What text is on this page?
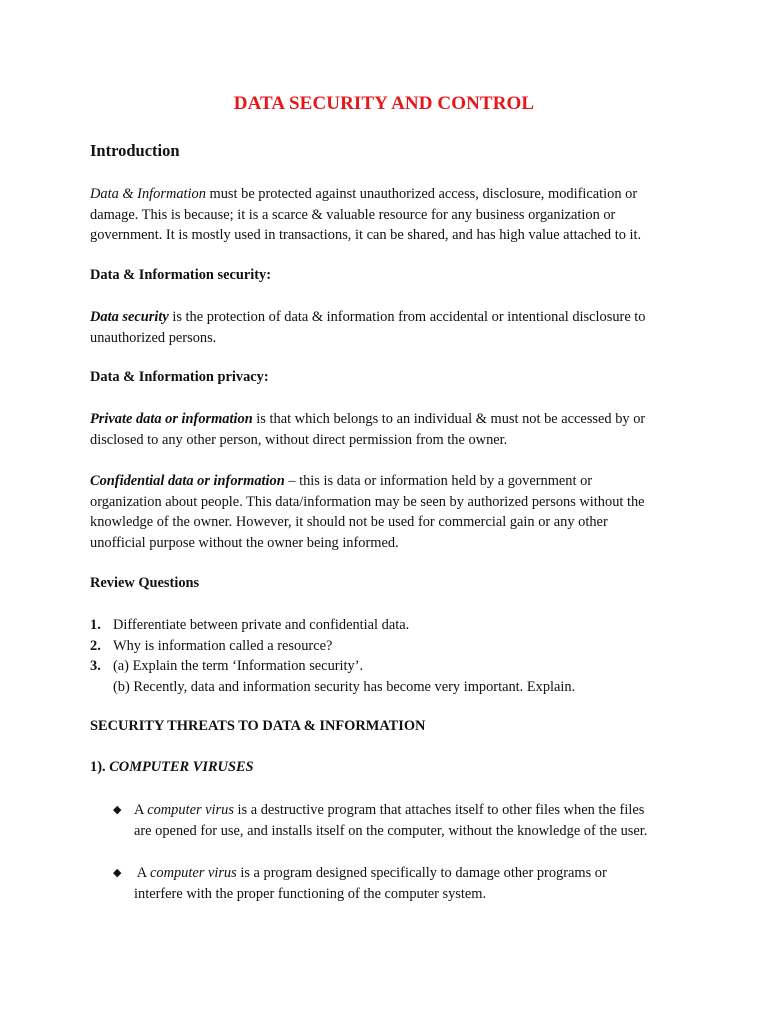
DATA SECURITY AND CONTROL
Introduction
Data & Information must be protected against unauthorized access, disclosure, modification or
damage. This is because; it is a scarce & valuable resource for any business organization or
government. It is mostly used in transactions, it can be shared, and has high value attached to it.
Data & Information security:
Data security is the protection of data & information from accidental or intentional disclosure to
unauthorized persons.
Data & Information privacy:
Private data or information is that which belongs to an individual & must not be accessed by or
disclosed to any other person, without direct permission from the owner.
Confidential data or information – this is data or information held by a government or
organization about people. This data/information may be seen by authorized persons without the
knowledge of the owner. However, it should not be used for commercial gain or any other
unofficial purpose without the owner being informed.
Review Questions
1. Differentiate between private and confidential data.
2. Why is information called a resource?
3. (a) Explain the term ‘Information security’.
(b) Recently, data and information security has become very important. Explain.
SECURITY THREATS TO DATA & INFORMATION
1). COMPUTER VIRUSES
◆ A computer virus is a destructive program that attaches itself to other files when the files
are opened for use, and installs itself on the computer, without the knowledge of the user.
◆ A computer virus is a program designed specifically to damage other programs or
interfere with the proper functioning of the computer system.
